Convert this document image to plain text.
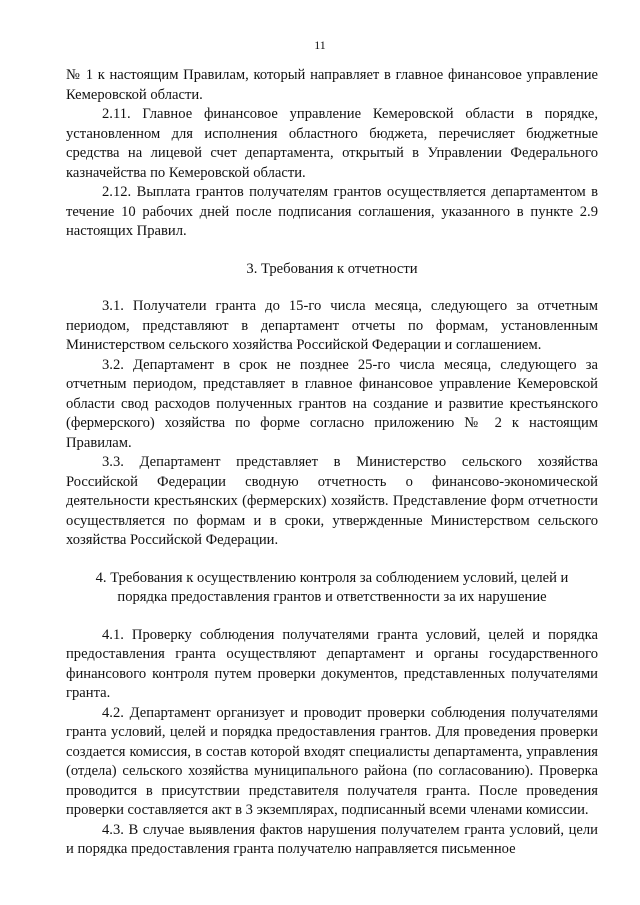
11

№ 1 к настоящим Правилам, который направляет в главное финансовое управление Кемеровской области.

2.11. Главное финансовое управление Кемеровской области в порядке, установленном для исполнения областного бюджета, перечисляет бюджетные средства на лицевой счет департамента, открытый в Управлении Федерального казначейства по Кемеровской области.

2.12. Выплата грантов получателям грантов осуществляется департаментом в течение 10 рабочих дней после подписания соглашения, указанного в пункте 2.9 настоящих Правил.

3. Требования к отчетности

3.1. Получатели гранта до 15-го числа месяца, следующего за отчетным периодом, представляют в департамент отчеты по формам, установленным Министерством сельского хозяйства Российской Федерации и соглашением.

3.2. Департамент в срок не позднее 25-го числа месяца, следующего за отчетным периодом, представляет в главное финансовое управление Кемеровской области свод расходов полученных грантов на создание и развитие крестьянского (фермерского) хозяйства по форме согласно приложению № 2 к настоящим Правилам.

3.3. Департамент представляет в Министерство сельского хозяйства Российской Федерации сводную отчетность о финансово-экономической деятельности крестьянских (фермерских) хозяйств. Представление форм отчетности осуществляется по формам и в сроки, утвержденные Министерством сельского хозяйства Российской Федерации.

4. Требования к осуществлению контроля за соблюдением условий, целей и

порядка предоставления грантов и ответственности за их нарушение

4.1. Проверку соблюдения получателями гранта условий, целей и порядка предоставления гранта осуществляют департамент и органы государственного финансового контроля путем проверки документов, представленных получателями гранта.

4.2. Департамент организует и проводит проверки соблюдения получателями гранта условий, целей и порядка предоставления грантов. Для проведения проверки создается комиссия, в состав которой входят специалисты департамента, управления (отдела) сельского хозяйства муниципального района (по согласованию). Проверка проводится в присутствии представителя получателя гранта. После проведения проверки составляется акт в 3 экземплярах, подписанный всеми членами комиссии.

4.3. В случае выявления фактов нарушения получателем гранта условий, цели и порядка предоставления гранта получателю направляется письменное
